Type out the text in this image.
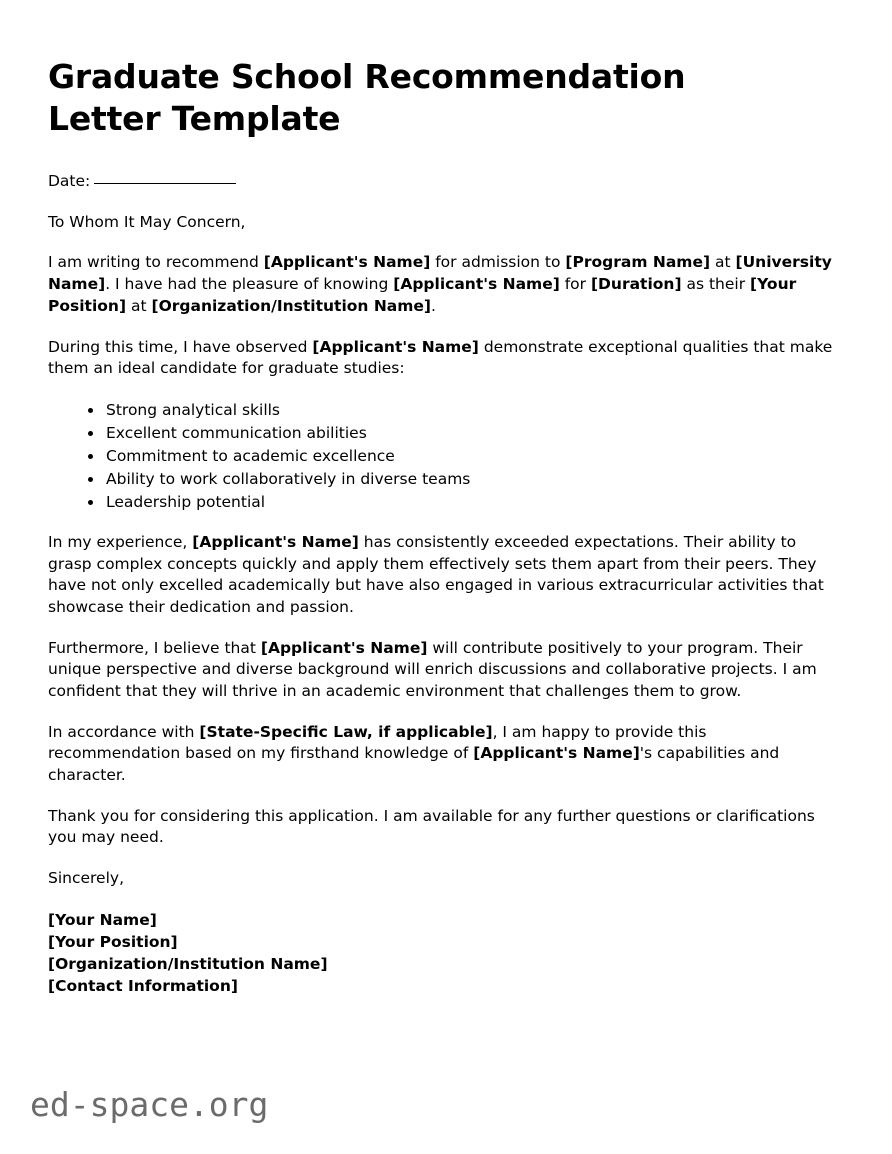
Graduate School Recommendation Letter Template

Date:

To Whom It May Concern,

I am writing to recommend [Applicant's Name] for admission to [Program Name] at [University Name]. I have had the pleasure of knowing [Applicant's Name] for [Duration] as their [Your Position] at [Organization/Institution Name].

During this time, I have observed [Applicant's Name] demonstrate exceptional qualities that make them an ideal candidate for graduate studies:

Strong analytical skills
Excellent communication abilities
Commitment to academic excellence
Ability to work collaboratively in diverse teams
Leadership potential

In my experience, [Applicant's Name] has consistently exceeded expectations. Their ability to grasp complex concepts quickly and apply them effectively sets them apart from their peers. They have not only excelled academically but have also engaged in various extracurricular activities that showcase their dedication and passion.

Furthermore, I believe that [Applicant's Name] will contribute positively to your program. Their unique perspective and diverse background will enrich discussions and collaborative projects. I am confident that they will thrive in an academic environment that challenges them to grow.

In accordance with [State-Specific Law, if applicable], I am happy to provide this recommendation based on my firsthand knowledge of [Applicant's Name]'s capabilities and character.

Thank you for considering this application. I am available for any further questions or clarifications you may need.

Sincerely,

[Your Name]
[Your Position]
[Organization/Institution Name]
[Contact Information]
ed-space.org
